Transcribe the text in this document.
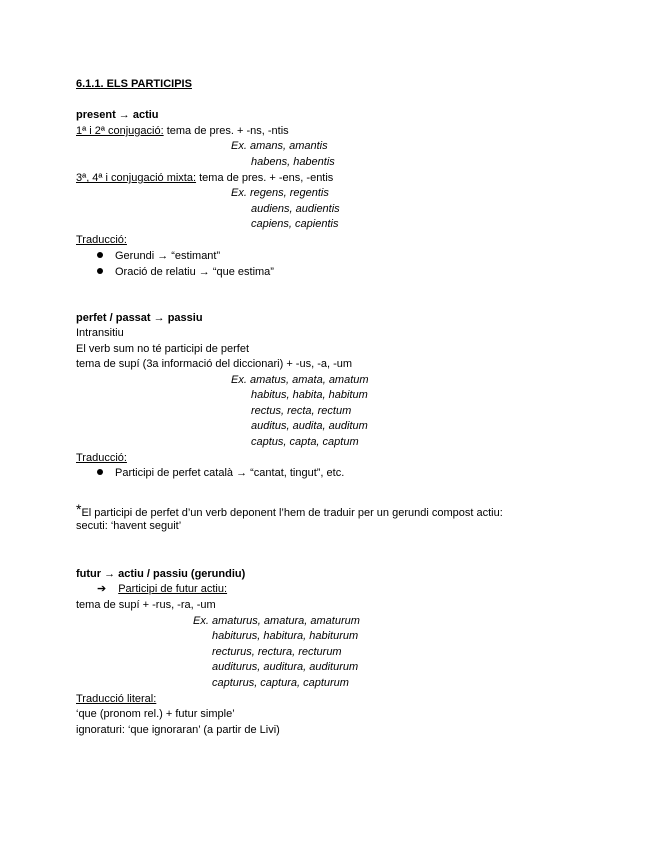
6.1.1. ELS PARTICIPIS
present → actiu
1ª i 2ª conjugació: tema de pres. + -ns, -ntis
Ex. amans, amantis
habens, habentis
3ª, 4ª i conjugació mixta: tema de pres. + -ens, -entis
Ex. regens, regentis
audiens, audientis
capiens, capientis
Traducció:
Gerundi → “estimant”
Oració de relatiu → “que estima”
perfet / passat → passiu
Intransitiu
El verb sum no té participi de perfet
tema de supí (3a informació del diccionari) + -us, -a, -um
Ex. amatus, amata, amatum
habitus, habita, habitum
rectus, recta, rectum
auditus, audita, auditum
captus, capta, captum
Traducció:
Participi de perfet català → “cantat, tingut”, etc.
*El participi de perfet d’un verb deponent l’hem de traduir per un gerundi compost actiu:
secuti: ‘havent seguit’
futur → actiu / passiu (gerundiu)
➔ Participi de futur actiu:
tema de supí + -rus, -ra, -um
Ex. amaturus, amatura, amaturum
habiturus, habitura, habiturum
recturus, rectura, recturum
auditurus, auditura, auditurum
capturus, captura, capturum
Traducció literal:
‘que (pronom rel.) + futur simple’
ignoraturi: ‘que ignoraran’ (a partir de Livi)
